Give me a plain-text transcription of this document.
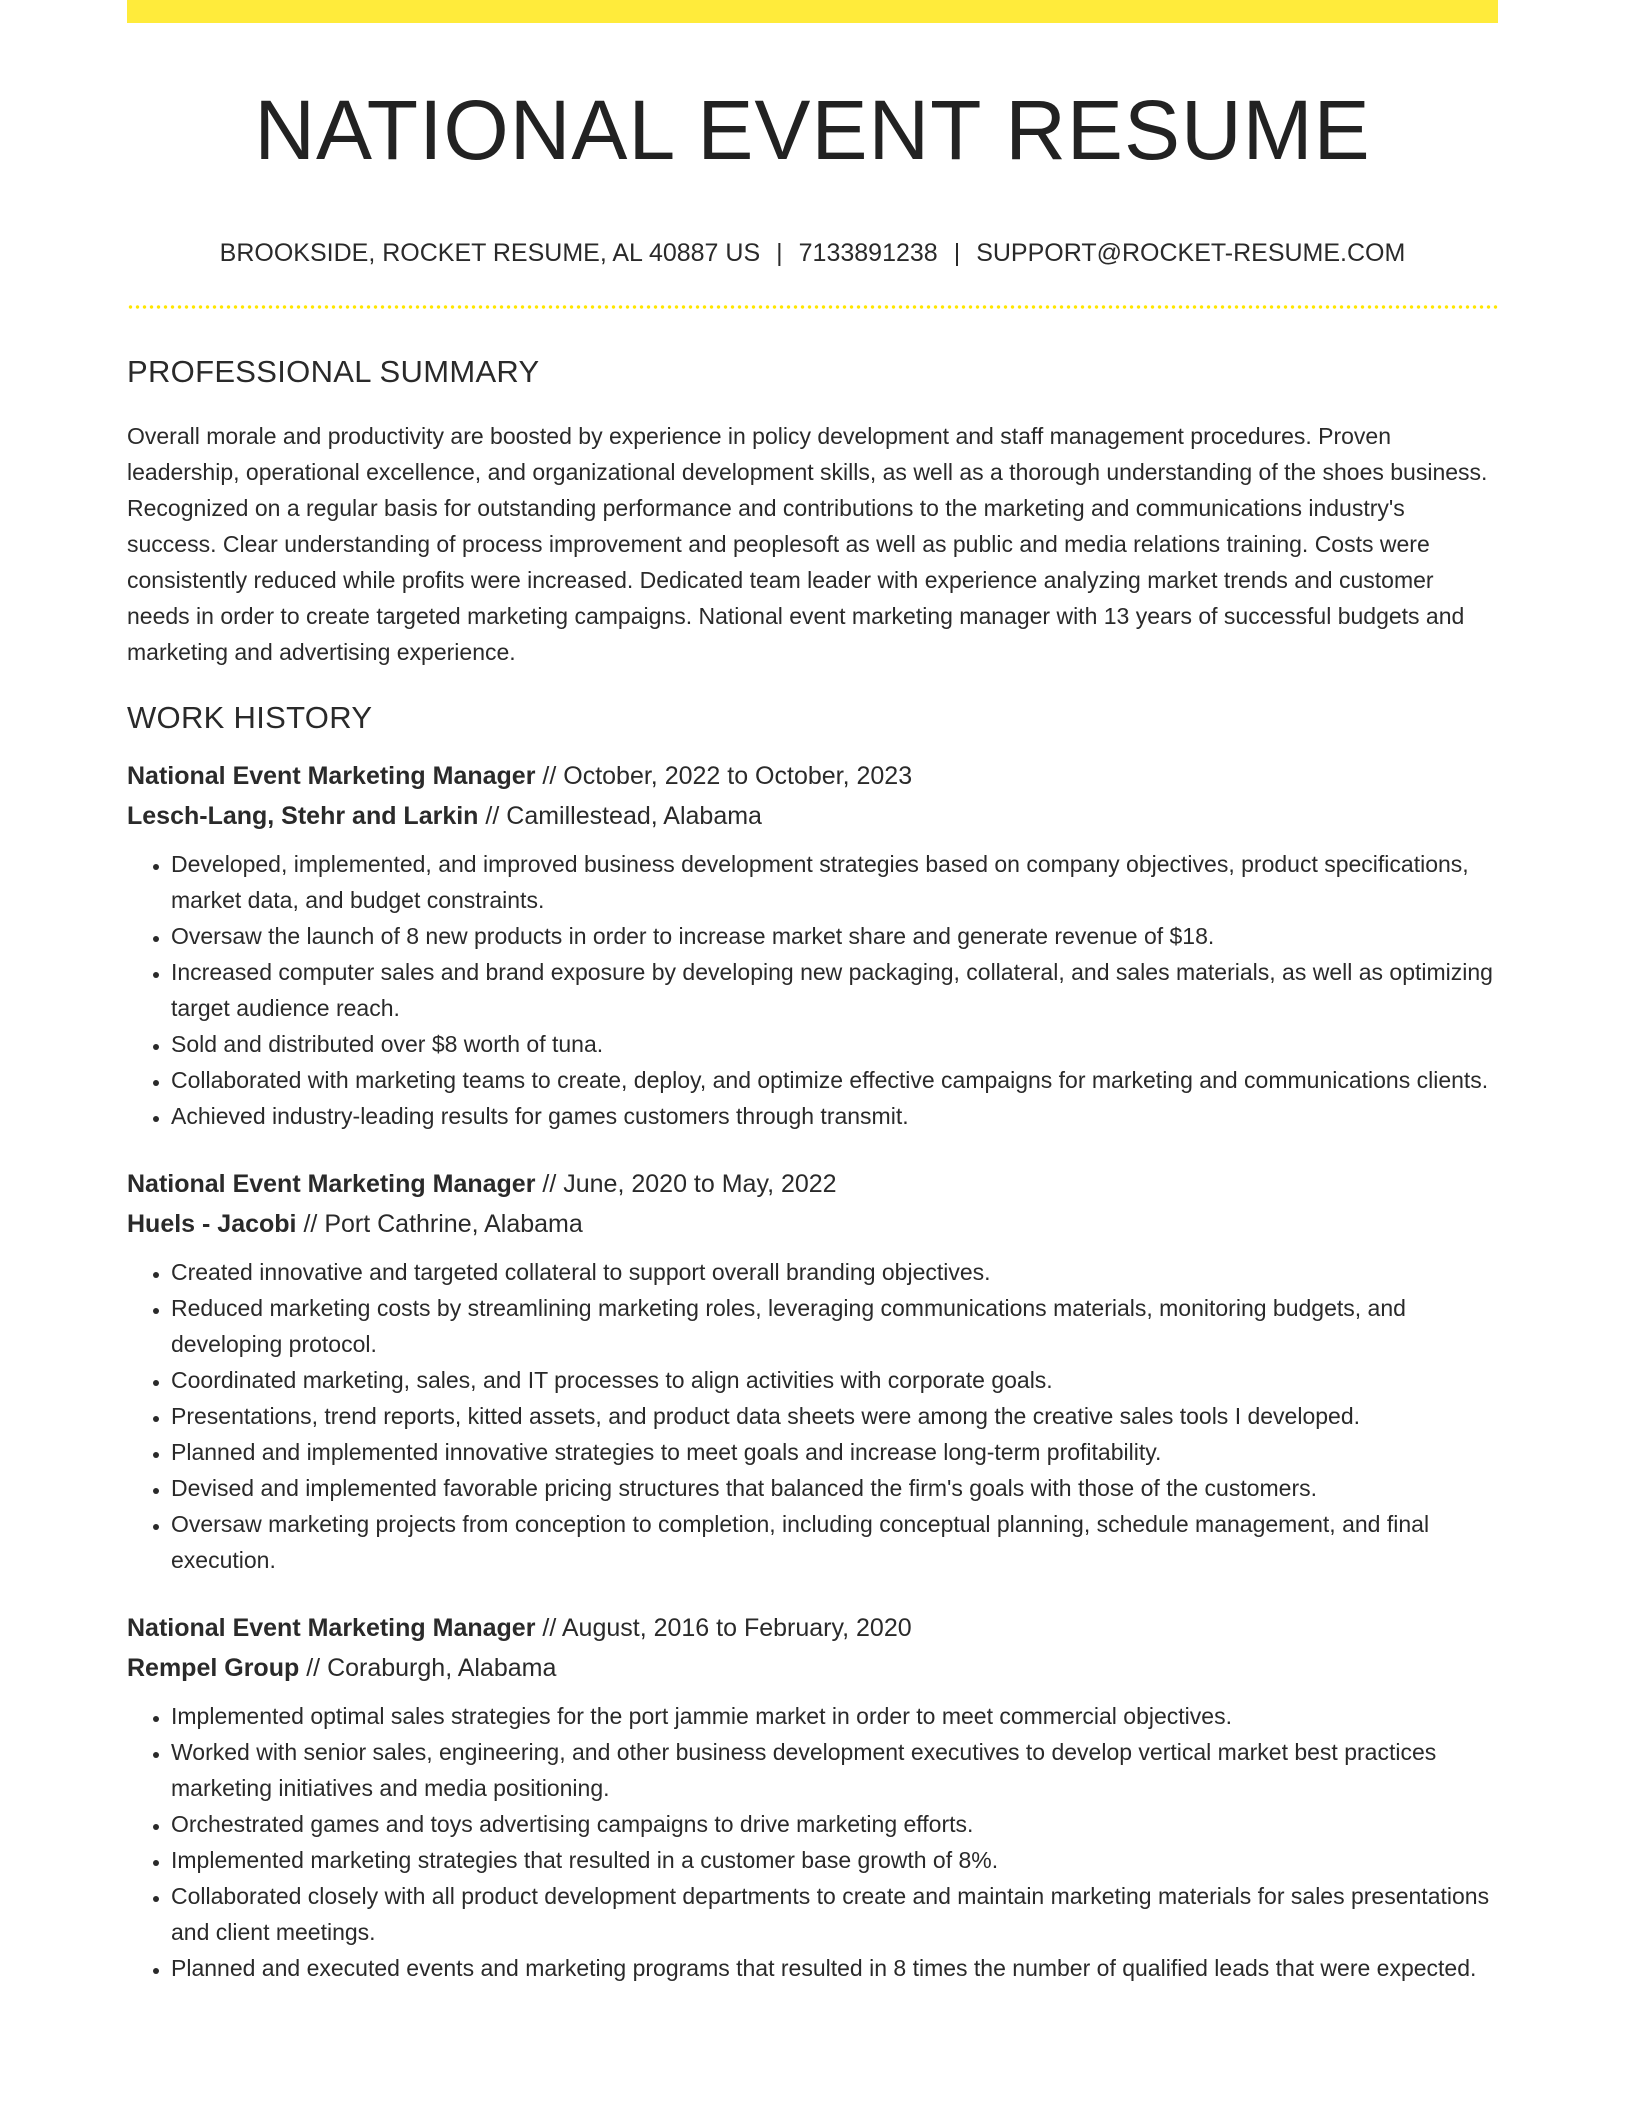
NATIONAL EVENT RESUME
BROOKSIDE, ROCKET RESUME, AL 40887 US | 7133891238 | SUPPORT@ROCKET-RESUME.COM
PROFESSIONAL SUMMARY

Overall morale and productivity are boosted by experience in policy development and staff management procedures. Proven leadership, operational excellence, and organizational development skills, as well as a thorough understanding of the shoes business. Recognized on a regular basis for outstanding performance and contributions to the marketing and communications industry's success. Clear understanding of process improvement and peoplesoft as well as public and media relations training. Costs were consistently reduced while profits were increased. Dedicated team leader with experience analyzing market trends and customer needs in order to create targeted marketing campaigns. National event marketing manager with 13 years of successful budgets and marketing and advertising experience.

WORK HISTORY
National Event Marketing Manager // October, 2022 to October, 2023
Lesch-Lang, Stehr and Larkin // Camillestead, Alabama
• Developed, implemented, and improved business development strategies based on company objectives, product specifications, market data, and budget constraints.
• Oversaw the launch of 8 new products in order to increase market share and generate revenue of $18.
• Increased computer sales and brand exposure by developing new packaging, collateral, and sales materials, as well as optimizing target audience reach.
• Sold and distributed over $8 worth of tuna.
• Collaborated with marketing teams to create, deploy, and optimize effective campaigns for marketing and communications clients.
• Achieved industry-leading results for games customers through transmit.
National Event Marketing Manager // June, 2020 to May, 2022
Huels - Jacobi // Port Cathrine, Alabama
• Created innovative and targeted collateral to support overall branding objectives.
• Reduced marketing costs by streamlining marketing roles, leveraging communications materials, monitoring budgets, and developing protocol.
• Coordinated marketing, sales, and IT processes to align activities with corporate goals.
• Presentations, trend reports, kitted assets, and product data sheets were among the creative sales tools I developed.
• Planned and implemented innovative strategies to meet goals and increase long-term profitability.
• Devised and implemented favorable pricing structures that balanced the firm's goals with those of the customers.
• Oversaw marketing projects from conception to completion, including conceptual planning, schedule management, and final execution.
National Event Marketing Manager // August, 2016 to February, 2020
Rempel Group // Coraburgh, Alabama
• Implemented optimal sales strategies for the port jammie market in order to meet commercial objectives.
• Worked with senior sales, engineering, and other business development executives to develop vertical market best practices marketing initiatives and media positioning.
• Orchestrated games and toys advertising campaigns to drive marketing efforts.
• Implemented marketing strategies that resulted in a customer base growth of 8%.
• Collaborated closely with all product development departments to create and maintain marketing materials for sales presentations and client meetings.
• Planned and executed events and marketing programs that resulted in 8 times the number of qualified leads that were expected.
